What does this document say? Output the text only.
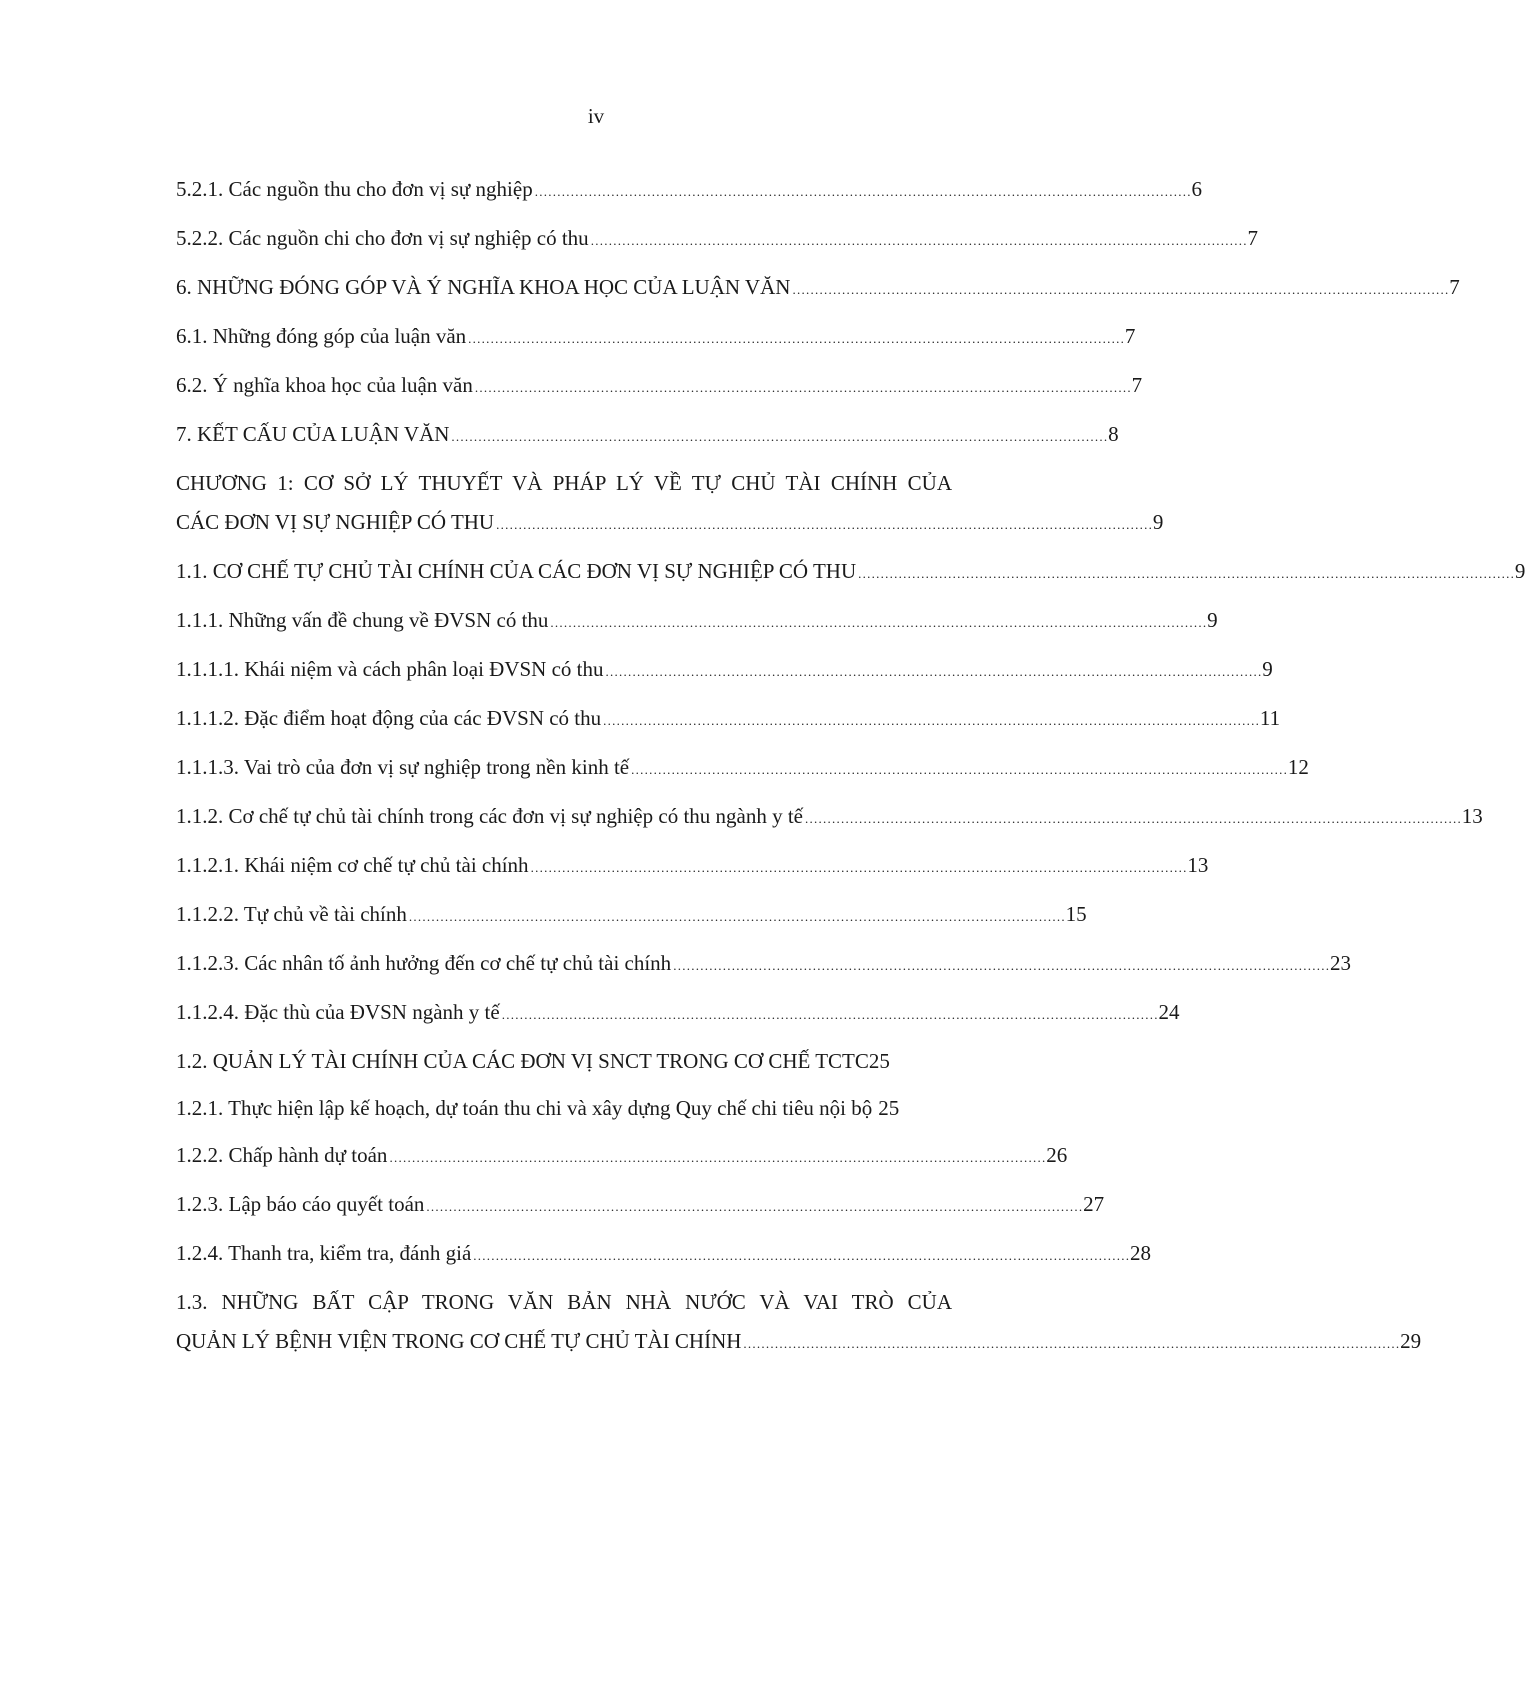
iv
5.2.1. Các nguồn thu cho đơn vị sự nghiệp . . .	6
5.2.2. Các nguồn chi cho đơn vị sự nghiệp có thu . . .	7
6. NHỮNG ĐÓNG GÓP VÀ Ý NGHĨA KHOA HỌC CỦA LUẬN VĂN . . .	7
6.1. Những đóng góp của luận văn . . .	7
6.2. Ý nghĩa khoa học của luận văn . . .	7
7. KẾT CẤU CỦA LUẬN VĂN . . .	8
CHƯƠNG 1: CƠ SỞ LÝ THUYẾT VÀ PHÁP LÝ VỀ TỰ CHỦ TÀI CHÍNH CỦA
CÁC ĐƠN VỊ SỰ NGHIỆP CÓ THU . . .	9
1.1. CƠ CHẾ TỰ CHỦ TÀI CHÍNH CỦA CÁC ĐƠN VỊ SỰ NGHIỆP CÓ THU . . .	9
1.1.1. Những vấn đề chung về ĐVSN có thu . . .	9
1.1.1.1. Khái niệm và cách phân loại ĐVSN có thu . . .	9
1.1.1.2. Đặc điểm hoạt động của các ĐVSN có thu . . .	11
1.1.1.3. Vai trò của đơn vị sự nghiệp trong nền kinh tế . . .	12
1.1.2. Cơ chế tự chủ tài chính trong các đơn vị sự nghiệp có thu ngành y tế . . .	13
1.1.2.1. Khái niệm cơ chế tự chủ tài chính . . .	13
1.1.2.2. Tự chủ về tài chính . . .	15
1.1.2.3. Các nhân tố ảnh hưởng đến cơ chế tự chủ tài chính . . .	23
1.1.2.4. Đặc thù của ĐVSN ngành y tế . . .	24
1.2. QUẢN LÝ TÀI CHÍNH CỦA CÁC ĐƠN VỊ SNCT TRONG CƠ CHẾ TCTC 25
1.2.1. Thực hiện lập kế hoạch, dự toán thu chi và xây dựng Quy chế chi tiêu nội bộ 25
1.2.2. Chấp hành dự toán . . .	26
1.2.3. Lập báo cáo quyết toán . . .	27
1.2.4. Thanh tra, kiểm tra, đánh giá . . .	28
1.3. NHỮNG BẤT CẬP TRONG VĂN BẢN NHÀ NƯỚC VÀ VAI TRÒ CỦA
QUẢN LÝ BỆNH VIỆN TRONG CƠ CHẾ TỰ CHỦ TÀI CHÍNH . . .	29
